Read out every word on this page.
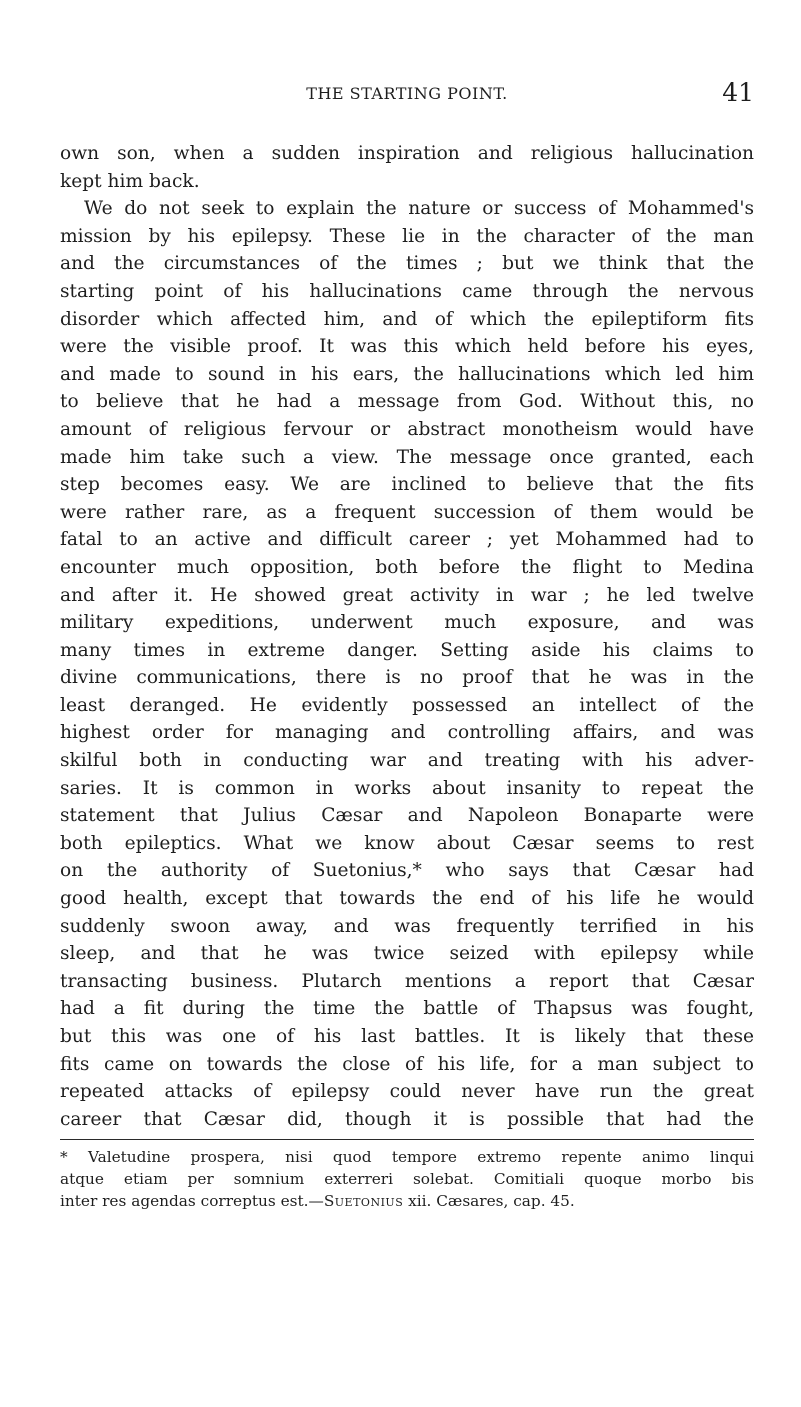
THE STARTING POINT.	41
own son, when a sudden inspiration and religious hallucination
kept him back.
We do not seek to explain the nature or success of Mohammed's
mission by his epilepsy. These lie in the character of the man
and the circumstances of the times ; but we think that the
starting point of his hallucinations came through the nervous
disorder which affected him, and of which the epileptiform fits
were the visible proof. It was this which held before his eyes,
and made to sound in his ears, the hallucinations which led him
to believe that he had a message from God. Without this, no
amount of religious fervour or abstract monotheism would have
made him take such a view. The message once granted, each
step becomes easy. We are inclined to believe that the fits
were rather rare, as a frequent succession of them would be
fatal to an active and difficult career ; yet Mohammed had to
encounter much opposition, both before the flight to Medina
and after it. He showed great activity in war ; he led twelve
military expeditions, underwent much exposure, and was
many times in extreme danger. Setting aside his claims to
divine communications, there is no proof that he was in the
least deranged. He evidently possessed an intellect of the
highest order for managing and controlling affairs, and was
skilful both in conducting war and treating with his adver-
saries. It is common in works about insanity to repeat the
statement that Julius Cæsar and Napoleon Bonaparte were
both epileptics. What we know about Cæsar seems to rest
on the authority of Suetonius,* who says that Cæsar had
good health, except that towards the end of his life he would
suddenly swoon away, and was frequently terrified in his
sleep, and that he was twice seized with epilepsy while
transacting business. Plutarch mentions a report that Cæsar
had a fit during the time the battle of Thapsus was fought,
but this was one of his last battles. It is likely that these
fits came on towards the close of his life, for a man subject to
repeated attacks of epilepsy could never have run the great
career that Cæsar did, though it is possible that had the
* Valetudine prospera, nisi quod tempore extremo repente animo linqui
atque etiam per somnium exterreri solebat. Comitiali quoque morbo bis
inter res agendas correptus est.—Suetonius xii. Cæsares, cap. 45.
